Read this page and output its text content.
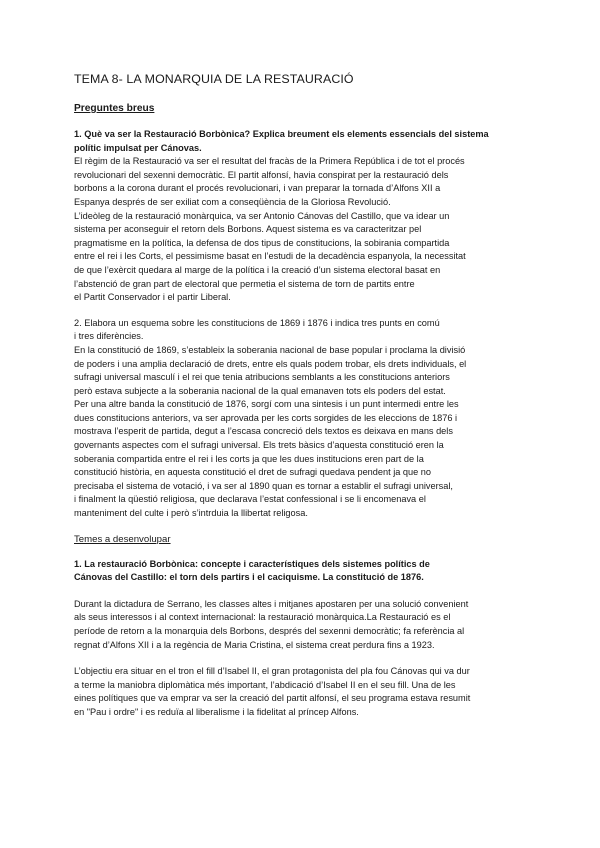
TEMA 8- LA MONARQUIA DE LA RESTAURACIÓ
Preguntes breus
1. Què va ser la Restauració Borbònica? Explica breument els elements essencials del sistema
polític impulsat per Cánovas.
El règim de la Restauració va ser el resultat del fracàs de la Primera República i de tot el procés
revolucionari del sexenni democràtic. El partit alfonsí, havia conspirat per la restauració dels
borbons a la corona durant el procés revolucionari, i van preparar la tornada d’Alfons XII a
Espanya després de ser exiliat com a conseqüència de la Gloriosa Revolució.
L’ideòleg de la restauració monàrquica, va ser Antonio Cánovas del Castillo, que va idear un
sistema per aconseguir el retorn dels Borbons. Aquest sistema es va caracteritzar pel
pragmatisme en la política, la defensa de dos tipus de constitucions, la sobirania compartida
entre el rei i les Corts, el pessimisme basat en l’estudi de la decadència espanyola, la necessitat
de que l’exèrcit quedara al marge de la política i la creació d’un sistema electoral basat en
l’abstenció de gran part de electoral que permetia el sistema de torn de partits entre
el Partit Conservador i el partir Liberal.
2. Elabora un esquema sobre les constitucions de 1869 i 1876 i indica tres punts en comú
i tres diferències.
En la constitució de 1869, s’estableix la soberania nacional de base popular i proclama la divisió
de poders i una amplia declaració de drets, entre els quals podem trobar, els drets individuals, el
sufragi universal masculí i el rei que tenia atribucions semblants a les constitucions anteriors
però estava subjecte a la soberania nacional de la qual emanaven tots els poders del estat.
Per una altre banda la constitució de 1876, sorgí com una sintesis i un punt intermedi entre les
dues constitucions anteriors, va ser aprovada per les corts sorgides de les eleccions de 1876 i
mostrava l’esperit de partida, degut a l’escasa concreció dels textos es deixava en mans dels
governants aspectes com el sufragi universal. Els trets bàsics d’aquesta constitució eren la
soberania compartida entre el rei i les corts ja que les dues institucions eren part de la
constitució història, en aquesta constitució el dret de sufragi quedava pendent ja que no
precisaba el sistema de votació, i va ser al 1890 quan es tornar a establir el sufragi universal,
i finalment la qüestió religiosa, que declarava l’estat confessional i se li encomenava el
manteniment del culte i però s’intrduia la llibertat religosa.
Temes a desenvolupar
1. La restauració Borbònica: concepte i característiques dels sistemes polítics de
Cánovas del Castillo: el torn dels partirs i el caciquisme. La constitució de 1876.
Durant la dictadura de Serrano, les classes altes i mitjanes apostaren per una solució convenient
als seus interessos i al context internacional: la restauració monàrquica.La Restauració es el
període de retorn a la monarquia dels Borbons, després del sexenni democràtic; fa referència al
regnat d’Alfons XII i a la regència de Maria Cristina, el sistema creat perdura fins a 1923.
L’objectiu era situar en el tron el fill d’Isabel II, el gran protagonista del pla fou Cánovas qui va dur
a terme la maniobra diplomàtica més important, l’abdicació d’Isabel II en el seu fill. Una de les
eines polítiques que va emprar va ser la creació del partit alfonsí, el seu programa estava resumit
en "Pau i ordre" i es reduïa al liberalisme i la fidelitat al príncep Alfons.
